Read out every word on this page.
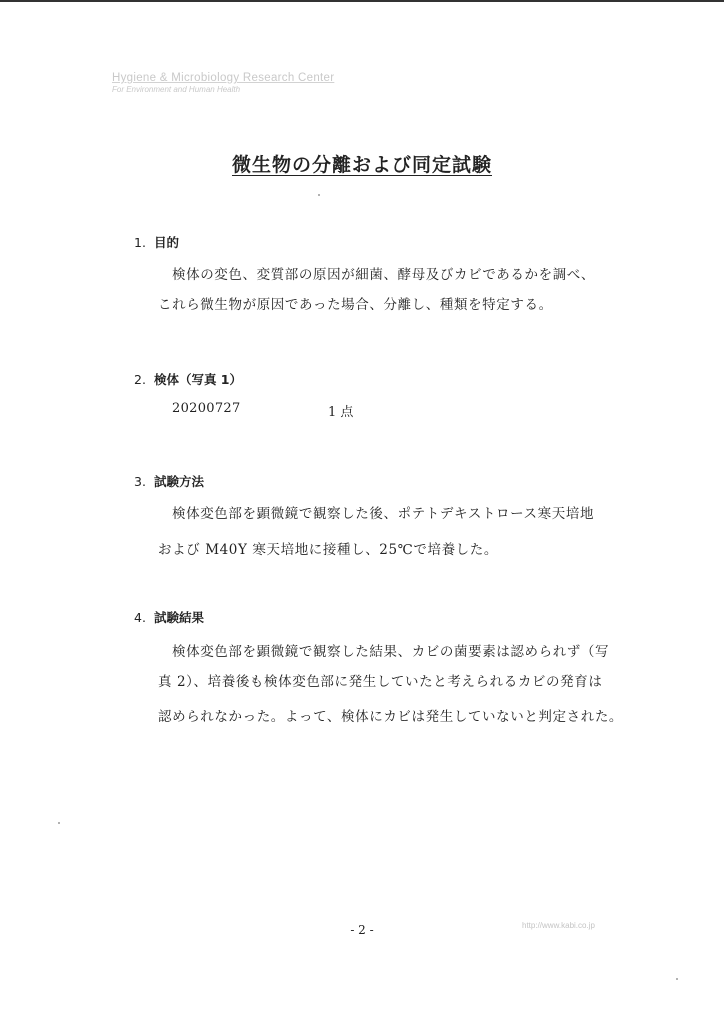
Hygiene & Microbiology Research Center
For Environment and Human Health
微生物の分離および同定試験
1. 目的

検体の変色、変質部の原因が細菌、酵母及びカビであるかを調べ、

これら微生物が原因であった場合、分離し、種類を特定する。

2. 検体（写真 1）
20200727	1 点
3. 試験方法

検体変色部を顕微鏡で観察した後、ポテトデキストロース寒天培地

および M40Y 寒天培地に接種し、25℃で培養した。

4. 試験結果

検体変色部を顕微鏡で観察した結果、カビの菌要素は認められず（写

真 2）、培養後も検体変色部に発生していたと考えられるカビの発育は

認められなかった。よって、検体にカビは発生していないと判定された。

- 2 -	http://www.kabi.co.jp
